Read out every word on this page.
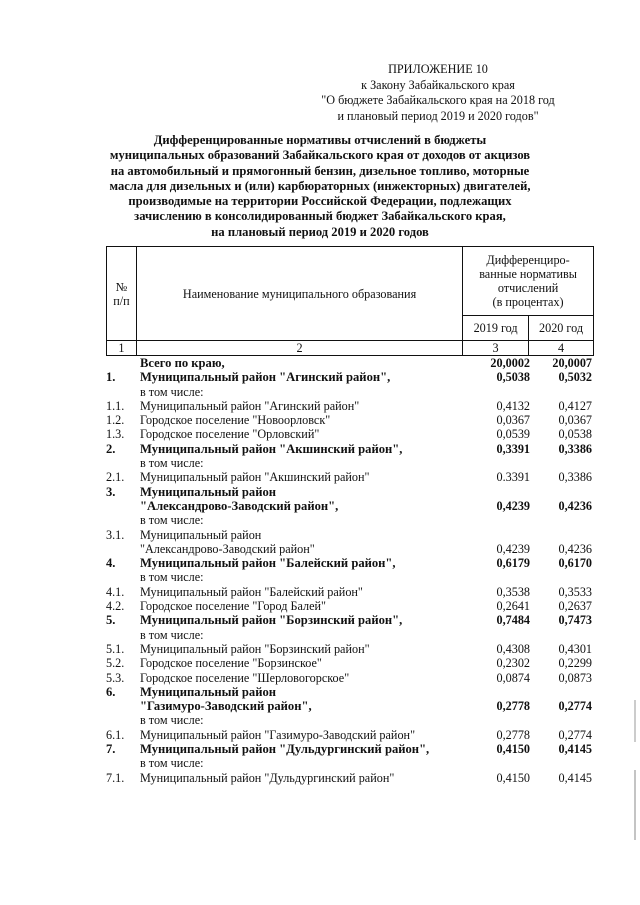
ПРИЛОЖЕНИЕ 10
к Закону Забайкальского края
"О бюджете Забайкальского края на 2018 год
и плановый период 2019 и 2020 годов"
Дифференцированные нормативы отчислений в бюджеты
муниципальных образований Забайкальского края от доходов от акцизов
на автомобильный и прямогонный бензин, дизельное топливо, моторные
масла для дизельных и (или) карбюраторных (инжекторных) двигателей,
производимые на территории Российской Федерации, подлежащих
зачислению в консолидированный бюджет Забайкальского края,
на плановый период 2019 и 2020 годов
№
п/п	Наименование муниципального образования	Дифференциро-
ванные нормативы
отчислений
(в процентах)	
		2019 год	2020 год
1	2	3	4
Всего по краю,	20,0002	20,0007
1.	Муниципальный район "Агинский район",	0,5038	0,5032
в том числе:
1.1.	Муниципальный район "Агинский район"	0,4132	0,4127
1.2.	Городское поселение "Новоорловск"	0,0367	0,0367
1.3.	Городское поселение "Орловский"	0,0539	0,0538
2.	Муниципальный район "Акшинский район",	0,3391	0,3386
в том числе:
2.1.	Муниципальный район "Акшинский район"	0.3391	0,3386
3.	Муниципальный район
"Александрово-Заводский район",	0,4239	0,4236
в том числе:
3.1.	Муниципальный район
"Александрово-Заводский район"	0,4239	0,4236
4.	Муниципальный район "Балейский район",	0,6179	0,6170
в том числе:
4.1.	Муниципальный район "Балейский район"	0,3538	0,3533
4.2.	Городское поселение "Город Балей"	0,2641	0,2637
5.	Муниципальный район "Борзинский район",	0,7484	0,7473
в том числе:
5.1.	Муниципальный район "Борзинский район"	0,4308	0,4301
5.2.	Городское поселение "Борзинское"	0,2302	0,2299
5.3.	Городское поселение "Шерловогорское"	0,0874	0,0873
6.	Муниципальный район
"Газимуро-Заводский район",	0,2778	0,2774
в том числе:
6.1.	Муниципальный район "Газимуро-Заводский район"	0,2778	0,2774
7.	Муниципальный район "Дульдургинский район",	0,4150	0,4145
в том числе:
7.1.	Муниципальный район "Дульдургинский район"	0,4150	0,4145
